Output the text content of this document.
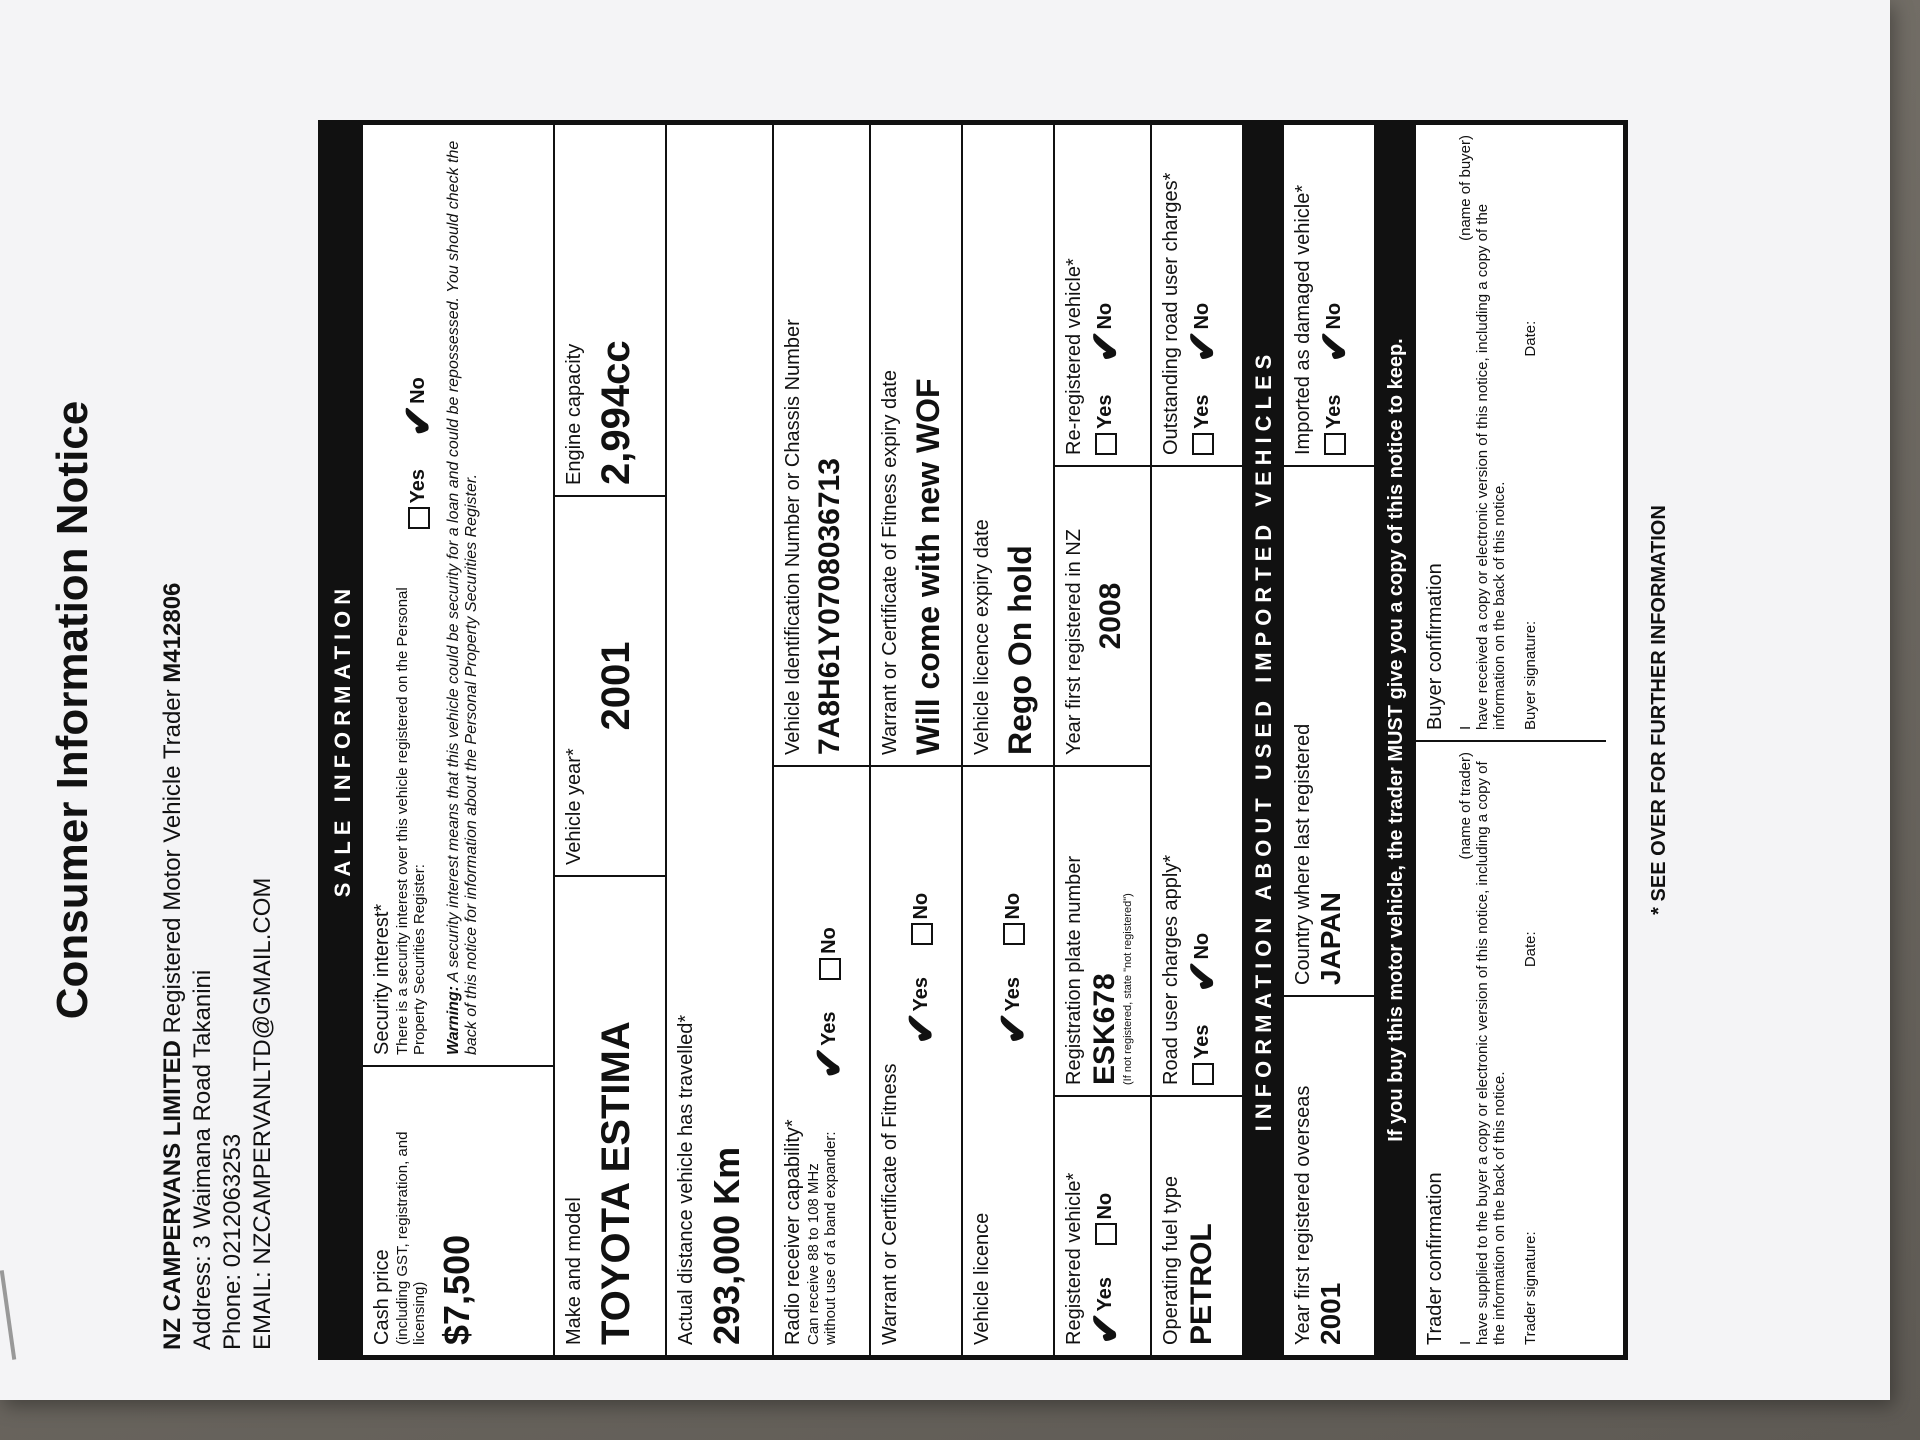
Consumer Information Notice
NZ CAMPERVANS LIMITED Registered Motor Vehicle Trader M412806
Address: 3 Waimana Road Takanini Phone: 0212063253 EMAIL: NZCAMPERVANLTD@GMAIL.COM
SALE INFORMATION
Cash price (including GST, registration, and licensing) $7,500
Security interest* There is a security interest over this vehicle registered on the Personal Property Securities Register: Yes ✔No
Warning: A security interest means that this vehicle could be security for a loan and could be repossessed. You should check the back of this notice for information about the Personal Property Securities Register.
Make and model TOYOTA ESTIMA
Vehicle year*
2001
Engine capacity 2,994cc
Actual distance vehicle has travelled* 293,000 Km Radio receiver capability* Can receive 88 to 108 MHz without use of a band expander: ✔Yes No
Vehicle Identification Number or Chassis Number 7A8H61Y0708036713
Warrant or Certificate of Fitness
✔Yes No
Warrant or Certificate of Fitness expiry date Will come with new WOF
Vehicle licence
✔Yes No
Vehicle licence expiry date Rego On hold
Registered vehicle* ✔Yes No
Registration plate number ESK678 (If not registered, state "not registered")
Year first registered in NZ 2008
Re-registered vehicle* Yes ✔No
Operating fuel type PETROL
Road user charges apply* Yes ✔No
Outstanding road user charges* Yes ✔No
INFORMATION ABOUT USED IMPORTED VEHICLES
Year first registered overseas 2001
Country where last registered JAPAN
Imported as damaged vehicle* Yes ✔No
If you buy this motor vehicle, the trader MUST give you a copy of this notice to keep.
Trader confirmation I
(name of trader) have supplied to the buyer a copy or electronic version of this notice, including a copy of the information on the back of this notice. Trader signature: Date:
Buyer confirmation I
(name of buyer)
have received a copy or electronic version of this notice, including a copy of the information on the back of this notice. Buyer signature: Date:
* SEE OVER FOR FURTHER INFORMATION
